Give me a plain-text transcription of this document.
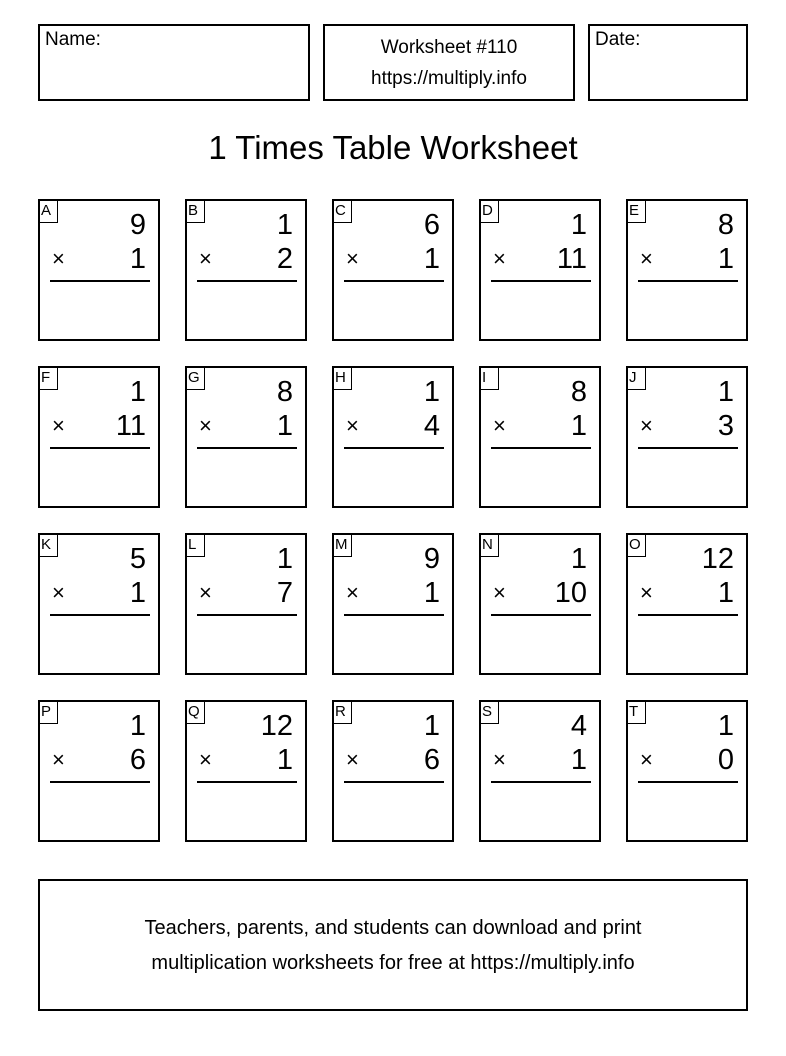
Name:	Worksheet #110
https://multiply.info
Date:
1 Times Table Worksheet
A	9
× 1
B	1
× 2
C	6
× 1
D	1
× 11
E	8
× 1
F	1
× 11
G	8
× 1
H	1
× 4
I	8
× 1
J	1
× 3
K	5
× 1
L	1
× 7
M	9
× 1
N	1
× 10
O 12
× 1
P	1
× 6
Q 12
× 1
R	1
× 6
S	4
× 1
T	1
× 0
Teachers, parents, and students can download and print
multiplication worksheets for free at https://multiply.info
